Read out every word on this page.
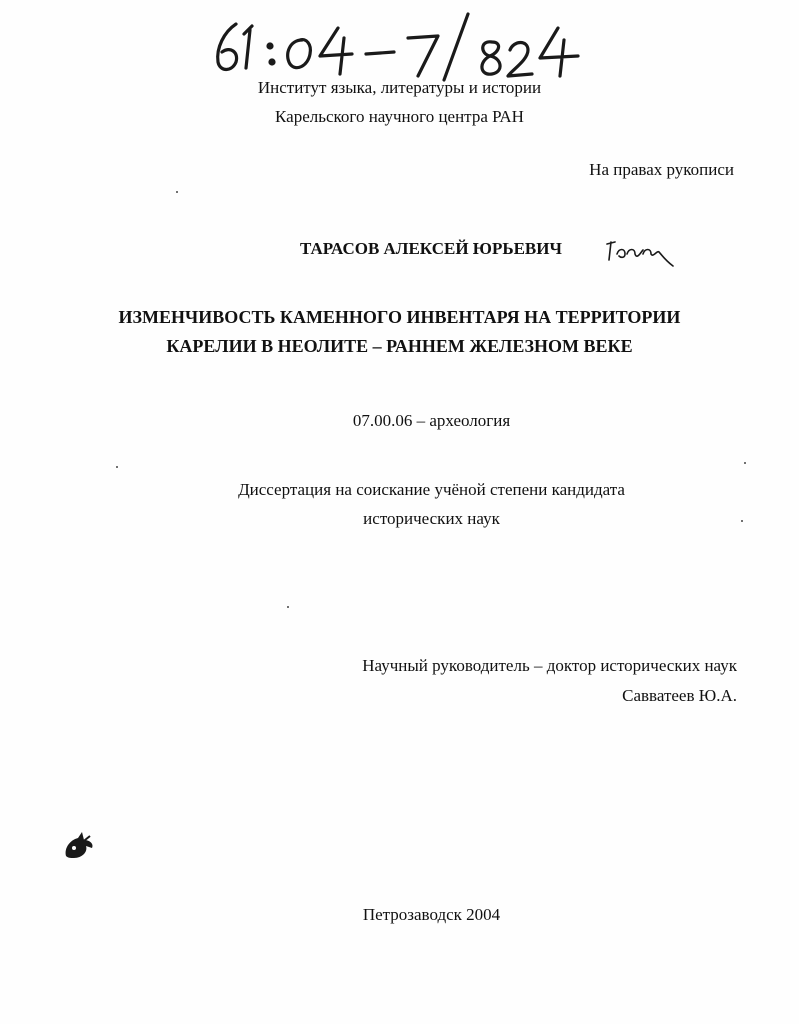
Институт языка, литературы и истории
Карельского научного центра РАН
На правах рукописи
ТАРАСОВ АЛЕКСЕЙ ЮРЬЕВИЧ
ИЗМЕНЧИВОСТЬ КАМЕННОГО ИНВЕНТАРЯ НА ТЕРРИТОРИИ
КАРЕЛИИ В НЕОЛИТЕ – РАННЕМ ЖЕЛЕЗНОМ ВЕКЕ
07.00.06 – археология
Диссертация на соискание учёной степени кандидата
исторических наук
Научный руководитель – доктор исторических наук
Савватеев Ю.А.
Петрозаводск 2004
